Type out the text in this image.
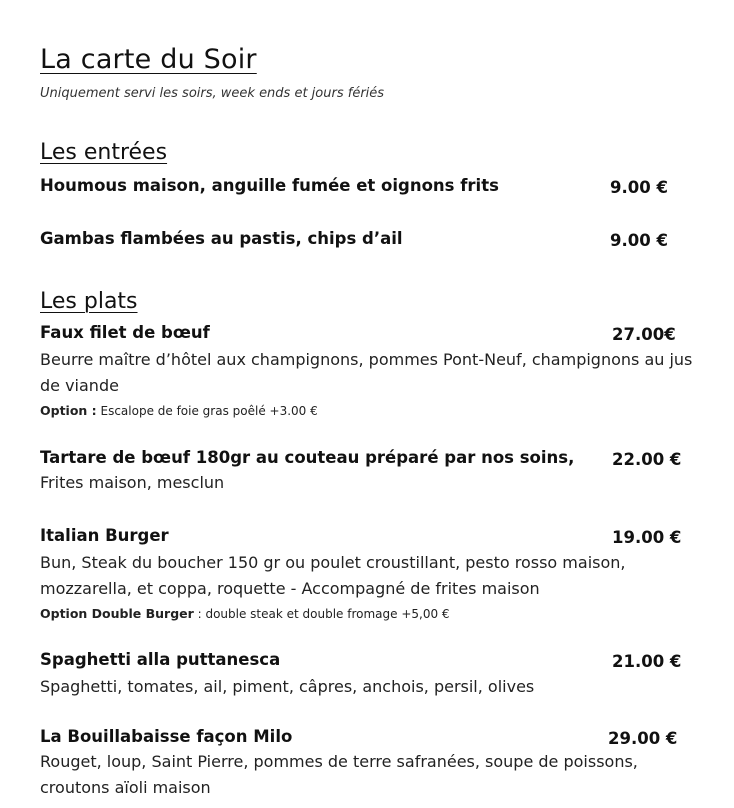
La carte du Soir
Uniquement servi les soirs, week ends et jours fériés
Les entrées
Houmous maison, anguille fumée et oignons frits	9.00 €
Gambas flambées au pastis, chips d’ail	9.00 €
Les plats
Faux filet de bœuf	27.00€
Beurre maître d’hôtel aux champignons, pommes Pont-Neuf, champignons au jus de viande
Option : Escalope de foie gras poêlé +3.00 €
Tartare de bœuf 180gr au couteau préparé par nos soins, 22.00 €
Frites maison, mesclun
Italian Burger	19.00 €
Bun, Steak du boucher 150 gr ou poulet croustillant, pesto rosso maison, mozzarella, et coppa, roquette - Accompagné de frites maison
Option Double Burger : double steak et double fromage +5,00 €
Spaghetti alla puttanesca	21.00 €
Spaghetti, tomates, ail, piment, câpres, anchois, persil, olives
La Bouillabaisse façon Milo	29.00 €
Rouget, loup, Saint Pierre, pommes de terre safranées, soupe de poissons, croutons aïoli maison
